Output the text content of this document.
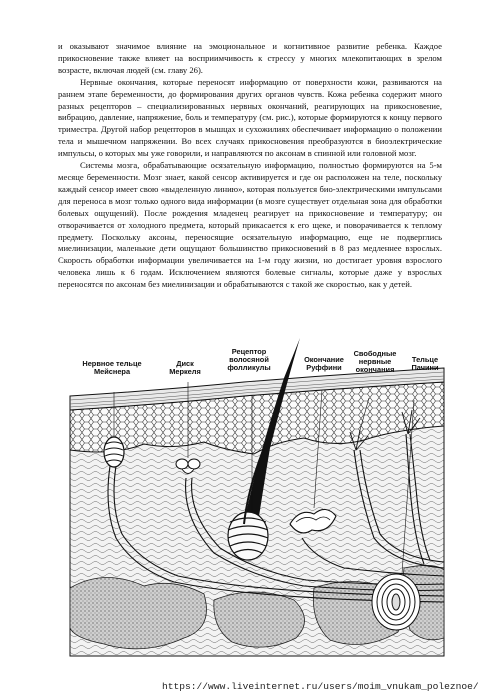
и оказывают значимое влияние на эмоциональное и когнитивное развитие ребенка. Каждое прикосновение также влияет на восприимчивость к стрессу у многих млекопитающих в зрелом возрасте, включая людей (см. главу 26).

Нервные окончания, которые переносят информацию от поверхности кожи, развиваются на раннем этапе беременности, до формирования других органов чувств. Кожа ребенка содержит много разных рецепторов – специализированных нервных окончаний, реагирующих на прикосновение, вибрацию, давление, напряжение, боль и температуру (см. рис.), которые формируются к концу первого триместра. Другой набор рецепторов в мышцах и сухожилиях обеспечивает информацию о положении тела и мышечном напряжении. Во всех случаях прикосновения преобразуются в биоэлектрические импульсы, о которых мы уже говорили, и направляются по аксонам в спинной или головной мозг.

Системы мозга, обрабатывающие осязательную информацию, полностью формируются на 5-м месяце беременности. Мозг знает, какой сенсор активируется и где он расположен на теле, поскольку каждый сенсор имеет свою «выделенную линию», которая пользуется био-электрическими импульсами для переноса в мозг только одного вида информации (в мозге существует отдельная зона для обработки болевых ощущений). После рождения младенец реагирует на прикосновение и температуру; он отворачивается от холодного предмета, который прикасается к его щеке, и поворачивается к теплому предмету. Поскольку аксоны, переносящие осязательную информацию, еще не подверглись миелинизации, маленькие дети ощущают большинство прикосновений в 8 раз медленнее взрослых. Скорость обработки информации увеличивается на 1-м году жизни, но достигает уровня взрослого человека лишь к 6 годам. Исключением являются болевые сигналы, которые даже у взрослых переносятся по аксонам без миелинизации и обрабатываются с такой же скоростью, как у детей.

Нервное тельце Мейснера
Диск Меркеля
Рецептор волосяной фолликулы
Окончание Руффини
Свободные нервные окончания
Тельце Пачини
https://www.liveinternet.ru/users/moim_vnukam_poleznoe/
